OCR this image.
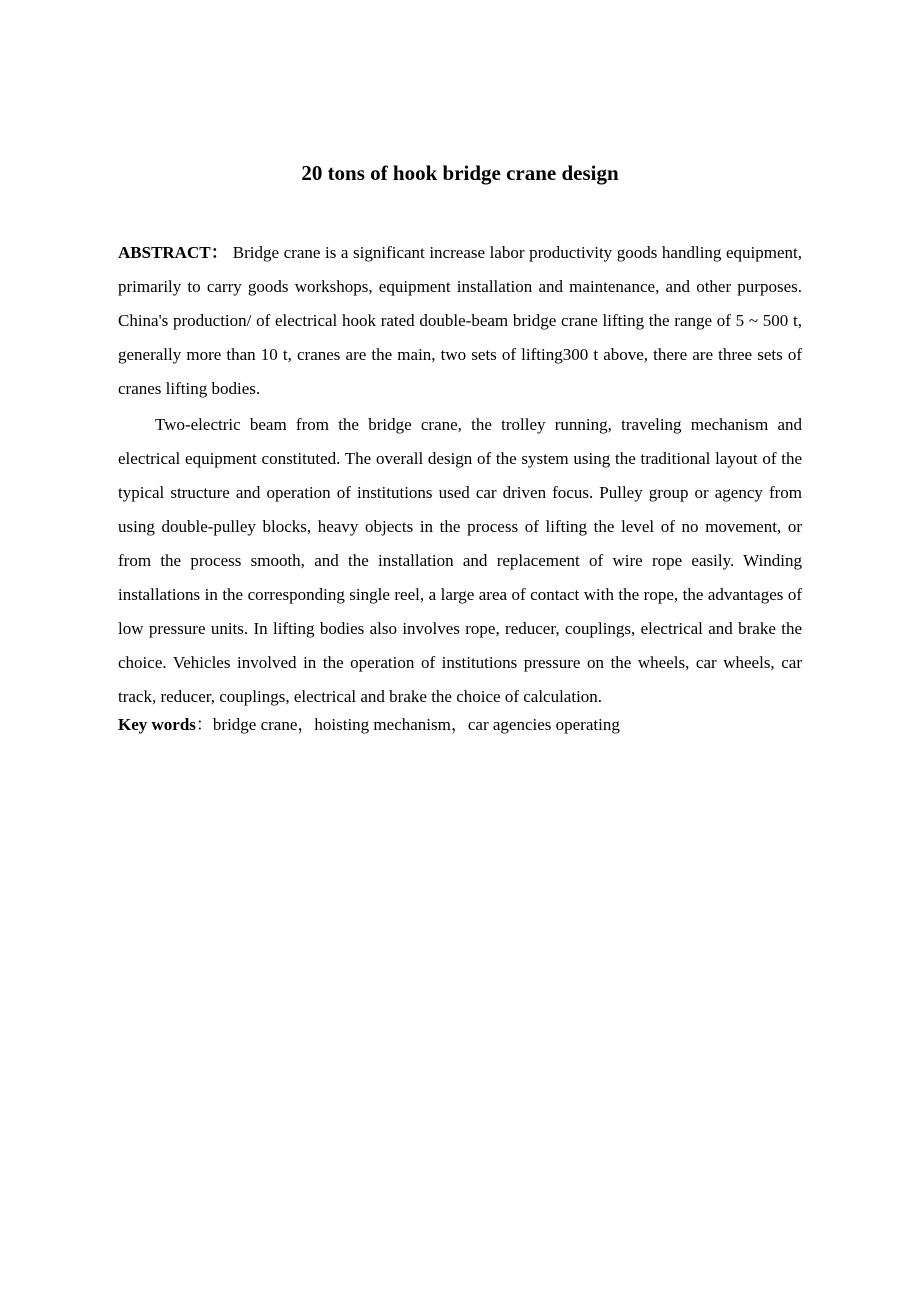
20 tons of hook bridge crane design

ABSTRACT： Bridge crane is a significant increase labor productivity goods handling equipment, primarily to carry goods workshops, equipment installation and maintenance, and other purposes. China's production/ of electrical hook rated double-beam bridge crane lifting the range of 5 ~ 500 t, generally more than 10 t, cranes are the main, two sets of lifting300 t above, there are three sets of cranes lifting bodies.

Two-electric beam from the bridge crane, the trolley running, traveling mechanism and electrical equipment constituted. The overall design of the system using the traditional layout of the typical structure and operation of institutions used car driven focus. Pulley group or agency from using double-pulley blocks, heavy objects in the process of lifting the level of no movement, or from the process smooth, and the installation and replacement of wire rope easily. Winding installations in the corresponding single reel, a large area of contact with the rope, the advantages of low pressure units. In lifting bodies also involves rope, reducer, couplings, electrical and brake the choice. Vehicles involved in the operation of institutions pressure on the wheels, car wheels, car track, reducer, couplings, electrical and brake the choice of calculation.

Key words：bridge crane，hoisting mechanism，car agencies operating
